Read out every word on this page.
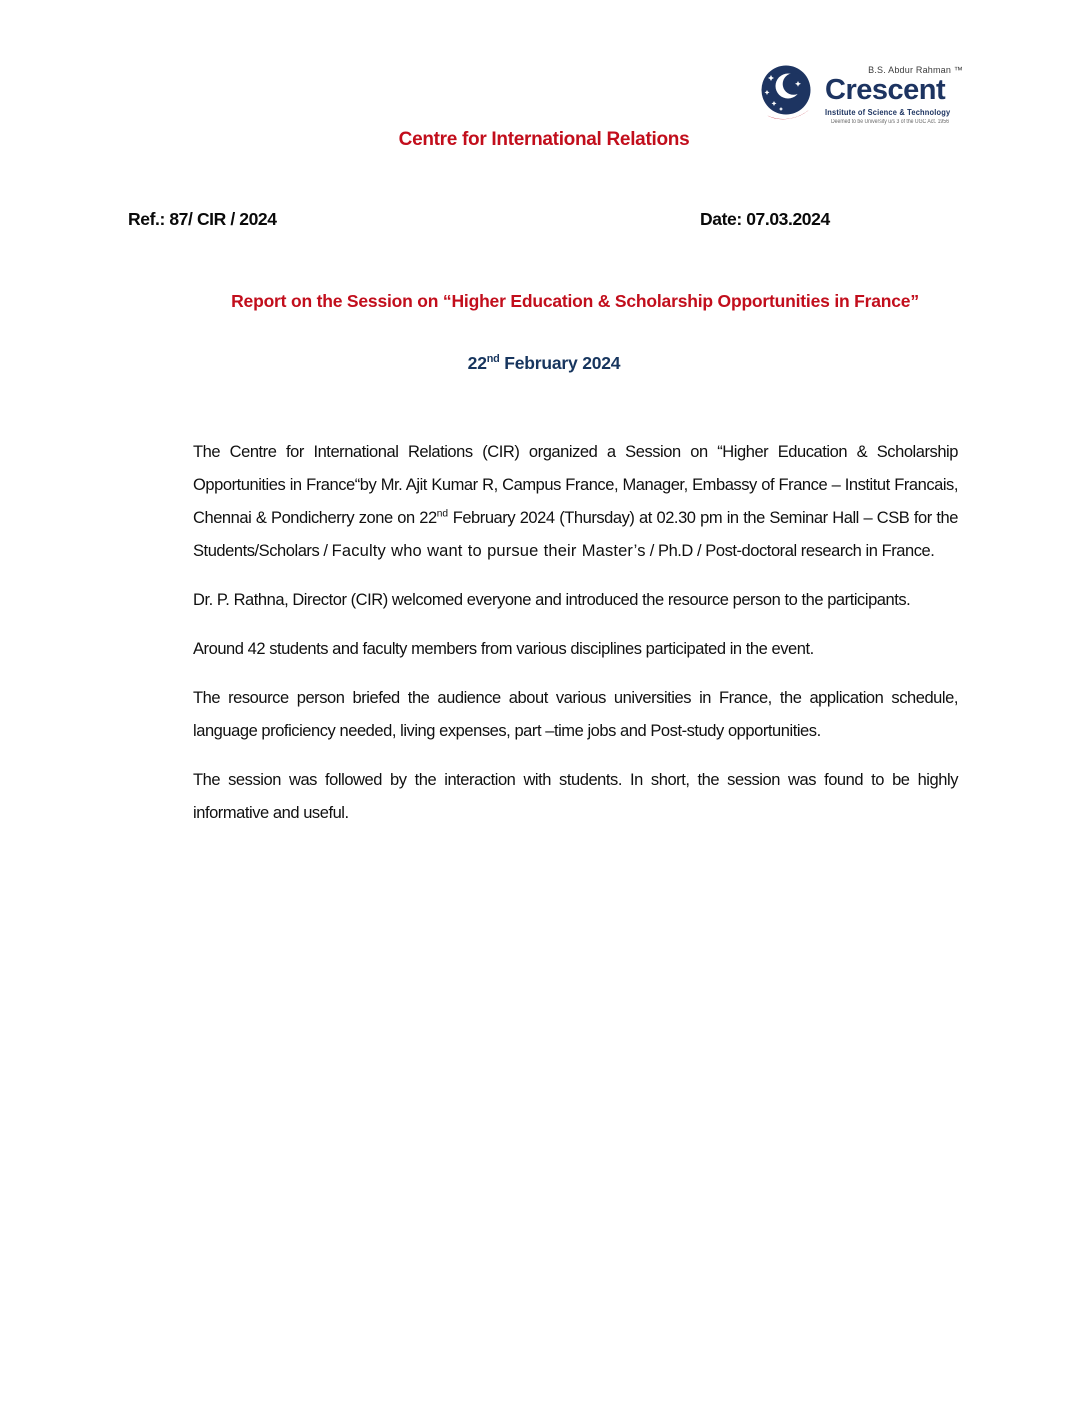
B.S. Abdur Rahman ™
Crescent
Institute of Science & Technology
Deemed to be University u/s 3 of the UGC Act. 1956
Centre for International Relations
Ref.: 87/ CIR / 2024	Date: 07.03.2024
Report on the Session on “Higher Education & Scholarship Opportunities in France”
22nd February 2024

The Centre for International Relations (CIR) organized a Session on “Higher Education & Scholarship Opportunities in France“by Mr. Ajit Kumar R, Campus France, Manager, Embassy of France – Institut Francais, Chennai & Pondicherry zone on 22nd February 2024 (Thursday) at 02.30 pm in the Seminar Hall – CSB for the Students/Scholars / Faculty who want to pursue their Master’s / Ph.D / Post-doctoral research in France.

Dr. P. Rathna, Director (CIR) welcomed everyone and introduced the resource person to the participants.

Around 42 students and faculty members from various disciplines participated in the event.

The resource person briefed the audience about various universities in France, the application schedule, language proficiency needed, living expenses, part –time jobs and Post-study opportunities.

The session was followed by the interaction with students. In short, the session was found to be highly informative and useful.
